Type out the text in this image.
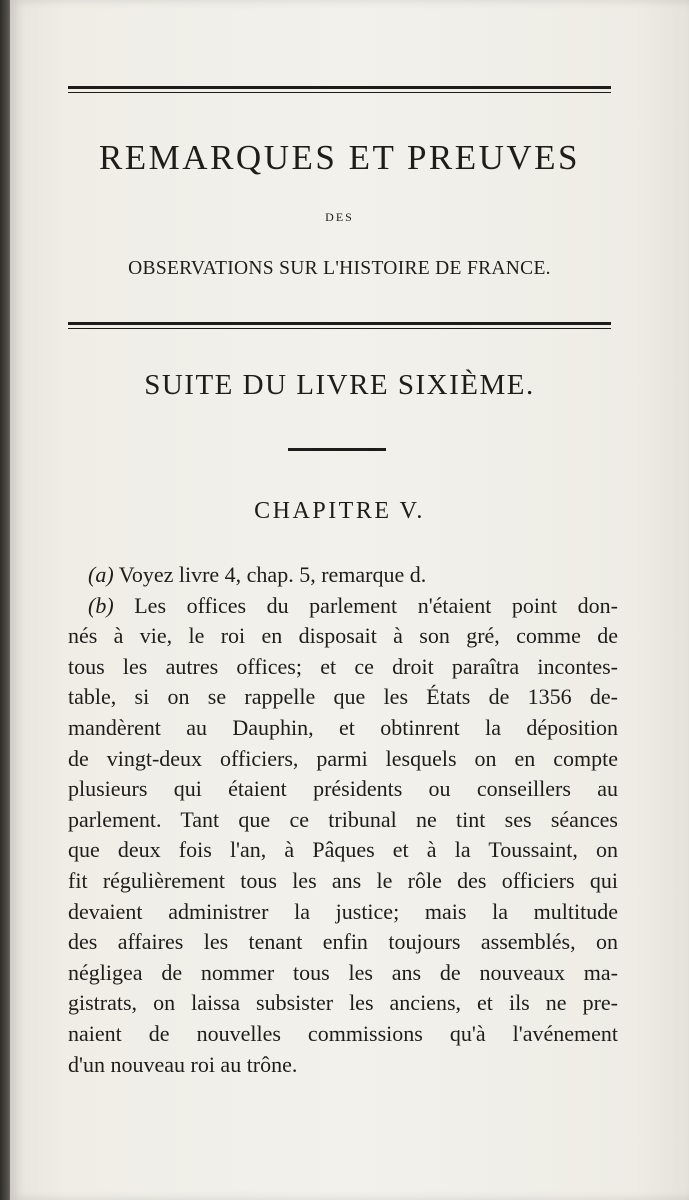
REMARQUES ET PREUVES
DES
OBSERVATIONS SUR L'HISTOIRE DE FRANCE.
SUITE DU LIVRE SIXIÈME.
CHAPITRE V.
(a) Voyez livre 4, chap. 5, remarque d.
(b) Les offices du parlement n'étaient point don-
nés à vie, le roi en disposait à son gré, comme de
tous les autres offices; et ce droit paraîtra incontes-
table, si on se rappelle que les États de 1356 de-
mandèrent au Dauphin, et obtinrent la déposition
de vingt-deux officiers, parmi lesquels on en compte
plusieurs qui étaient présidents ou conseillers au
parlement. Tant que ce tribunal ne tint ses séances
que deux fois l'an, à Pâques et à la Toussaint, on
fit régulièrement tous les ans le rôle des officiers qui
devaient administrer la justice; mais la multitude
des affaires les tenant enfin toujours assemblés, on
négligea de nommer tous les ans de nouveaux ma-
gistrats, on laissa subsister les anciens, et ils ne pre-
naient de nouvelles commissions qu'à l'avénement
d'un nouveau roi au trône.
